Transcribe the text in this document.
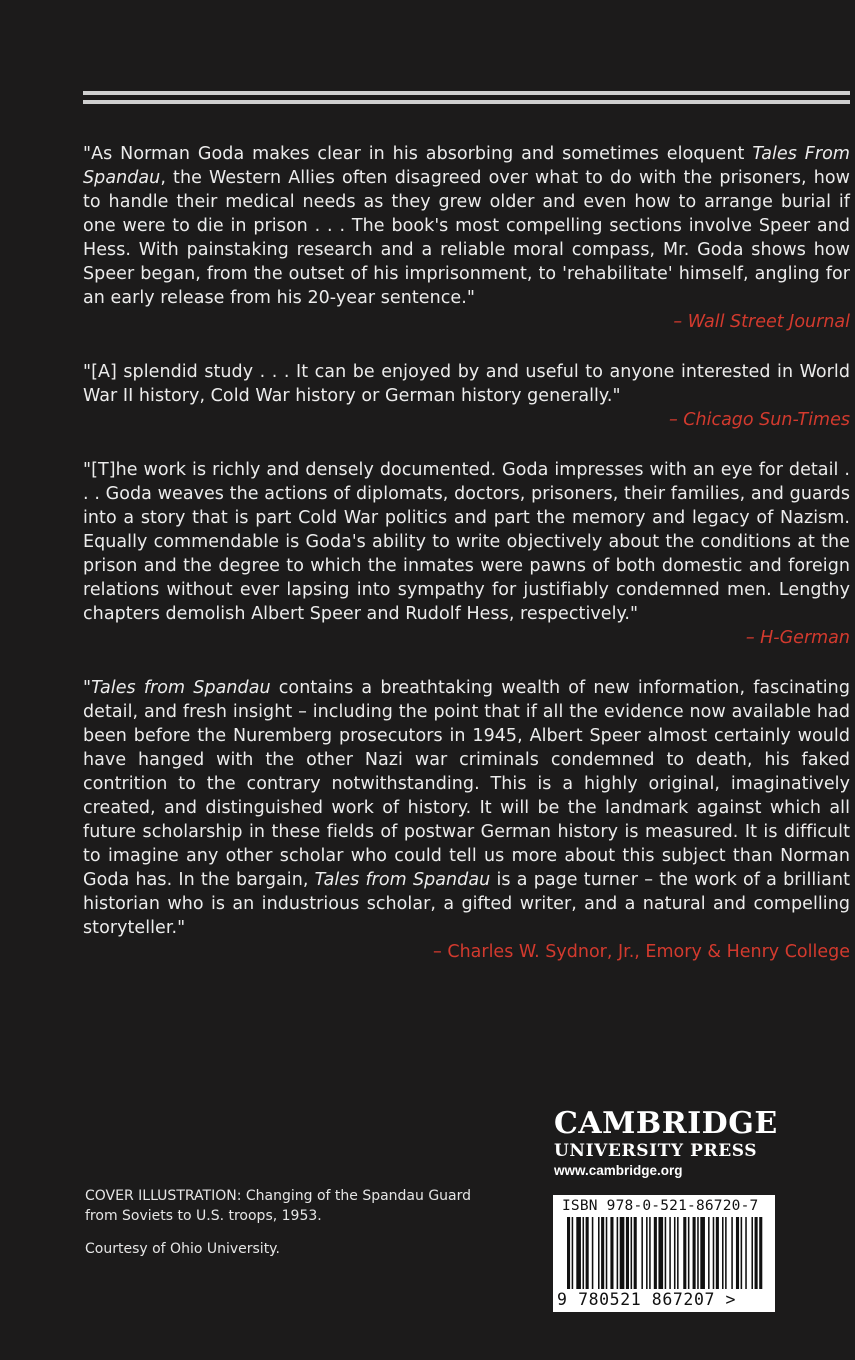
"As Norman Goda makes clear in his absorbing and sometimes eloquent Tales From Spandau, the Western Allies often disagreed over what to do with the prisoners, how to handle their medical needs as they grew older and even how to arrange burial if one were to die in prison . . . The book's most compelling sections involve Speer and Hess. With painstaking research and a reliable moral compass, Mr. Goda shows how Speer began, from the outset of his imprisonment, to 'rehabilitate' himself, angling for an early release from his 20-year sentence."

– Wall Street Journal

"[A] splendid study . . . It can be enjoyed by and useful to anyone interested in World War II history, Cold War history or German history generally."

– Chicago Sun-Times

"[T]he work is richly and densely documented. Goda impresses with an eye for detail . . . Goda weaves the actions of diplomats, doctors, prisoners, their families, and guards into a story that is part Cold War politics and part the memory and legacy of Nazism. Equally commendable is Goda's ability to write objectively about the conditions at the prison and the degree to which the inmates were pawns of both domestic and foreign relations without ever lapsing into sympathy for justifiably condemned men. Lengthy chapters demolish Albert Speer and Rudolf Hess, respectively."

– H-German

"Tales from Spandau contains a breathtaking wealth of new information, fascinating detail, and fresh insight – including the point that if all the evidence now available had been before the Nuremberg prosecutors in 1945, Albert Speer almost certainly would have hanged with the other Nazi war criminals condemned to death, his faked contrition to the contrary notwithstanding. This is a highly original, imaginatively created, and distinguished work of history. It will be the landmark against which all future scholarship in these fields of postwar German history is measured. It is difficult to imagine any other scholar who could tell us more about this subject than Norman Goda has. In the bargain, Tales from Spandau is a page turner – the work of a brilliant historian who is an industrious scholar, a gifted writer, and a natural and compelling storyteller."

– Charles W. Sydnor, Jr., Emory & Henry College
COVER ILLUSTRATION: Changing of the Spandau Guard
from Soviets to U.S. troops, 1953.
Courtesy of Ohio University.
CAMBRIDGE
UNIVERSITY PRESS
www.cambridge.org
ISBN 978-0-521-86720-7
9 780521 867207 >
